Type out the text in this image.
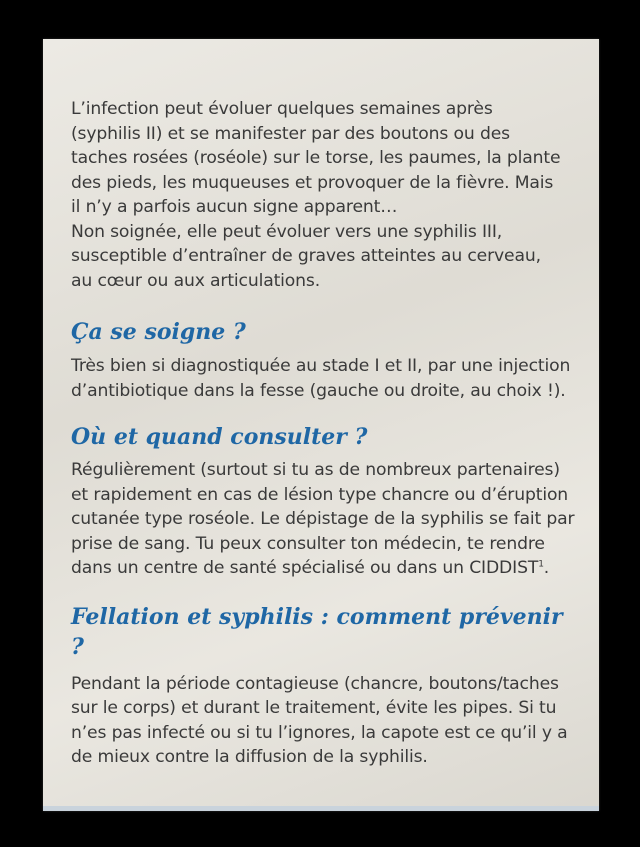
L’infection peut évoluer quelques semaines après
(syphilis II) et se manifester par des boutons ou des
taches rosées (roséole) sur le torse, les paumes, la plante
des pieds, les muqueuses et provoquer de la fièvre. Mais
il n’y a parfois aucun signe apparent…
Non soignée, elle peut évoluer vers une syphilis III,
susceptible d’entraîner de graves atteintes au cerveau,
au cœur ou aux articulations.

Ça se soigne ?

Très bien si diagnostiquée au stade I et II, par une injection
d’antibiotique dans la fesse (gauche ou droite, au choix !).

Où et quand consulter ?

Régulièrement (surtout si tu as de nombreux partenaires)
et rapidement en cas de lésion type chancre ou d’éruption
cutanée type roséole. Le dépistage de la syphilis se fait par
prise de sang. Tu peux consulter ton médecin, te rendre
dans un centre de santé spécialisé ou dans un CIDDIST$^1$.

Fellation et syphilis : comment prévenir ?

Pendant la période contagieuse (chancre, boutons/taches
sur le corps) et durant le traitement, évite les pipes. Si tu
n’es pas infecté ou si tu l’ignores, la capote est ce qu’il y a
de mieux contre la diffusion de la syphilis.
